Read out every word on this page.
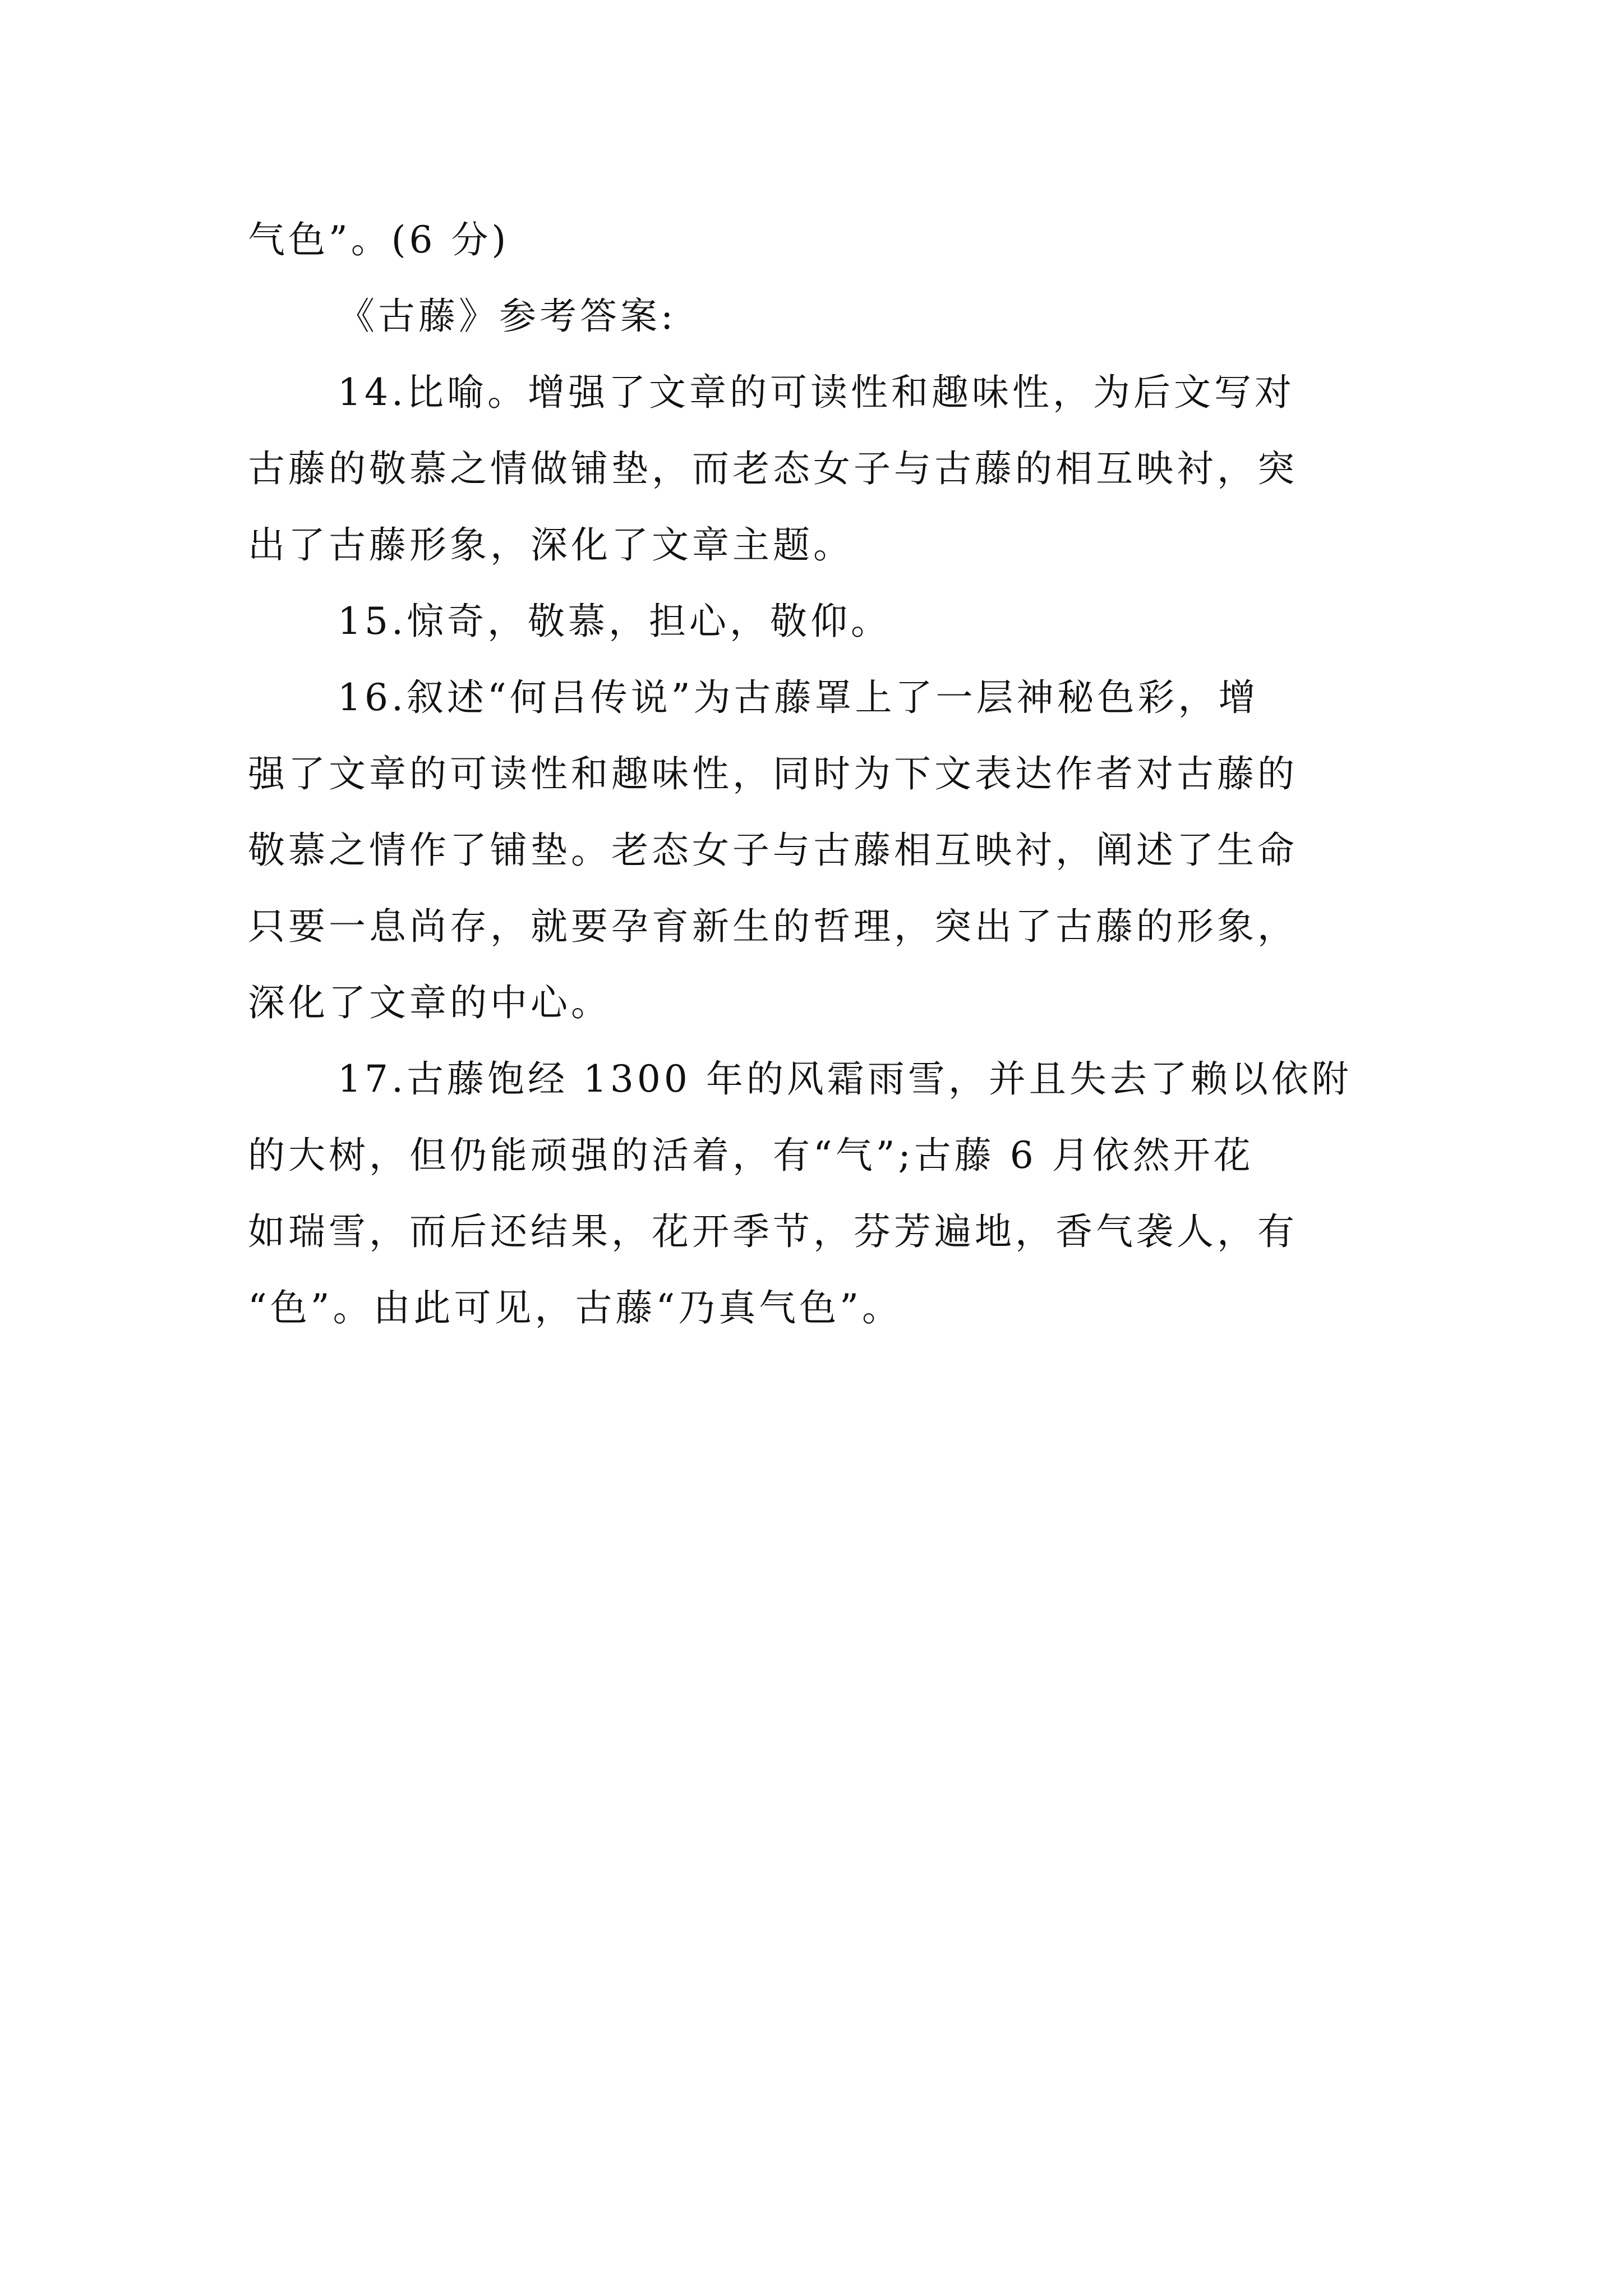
气色”。(6 分)
《古藤》参考答案:
14.比喻。增强了文章的可读性和趣味性，为后文写对
古藤的敬慕之情做铺垫，而老态女子与古藤的相互映衬，突
出了古藤形象，深化了文章主题。
15.惊奇，敬慕，担心，敬仰。
16.叙述“何吕传说”为古藤罩上了一层神秘色彩，增
强了文章的可读性和趣味性，同时为下文表达作者对古藤的
敬慕之情作了铺垫。老态女子与古藤相互映衬，阐述了生命
只要一息尚存，就要孕育新生的哲理，突出了古藤的形象，
深化了文章的中心。
17.古藤饱经 1300 年的风霜雨雪，并且失去了赖以依附
的大树，但仍能顽强的活着，有“气”;古藤 6 月依然开花
如瑞雪，而后还结果，花开季节，芬芳遍地，香气袭人，有
“色”。由此可见，古藤“乃真气色”。
